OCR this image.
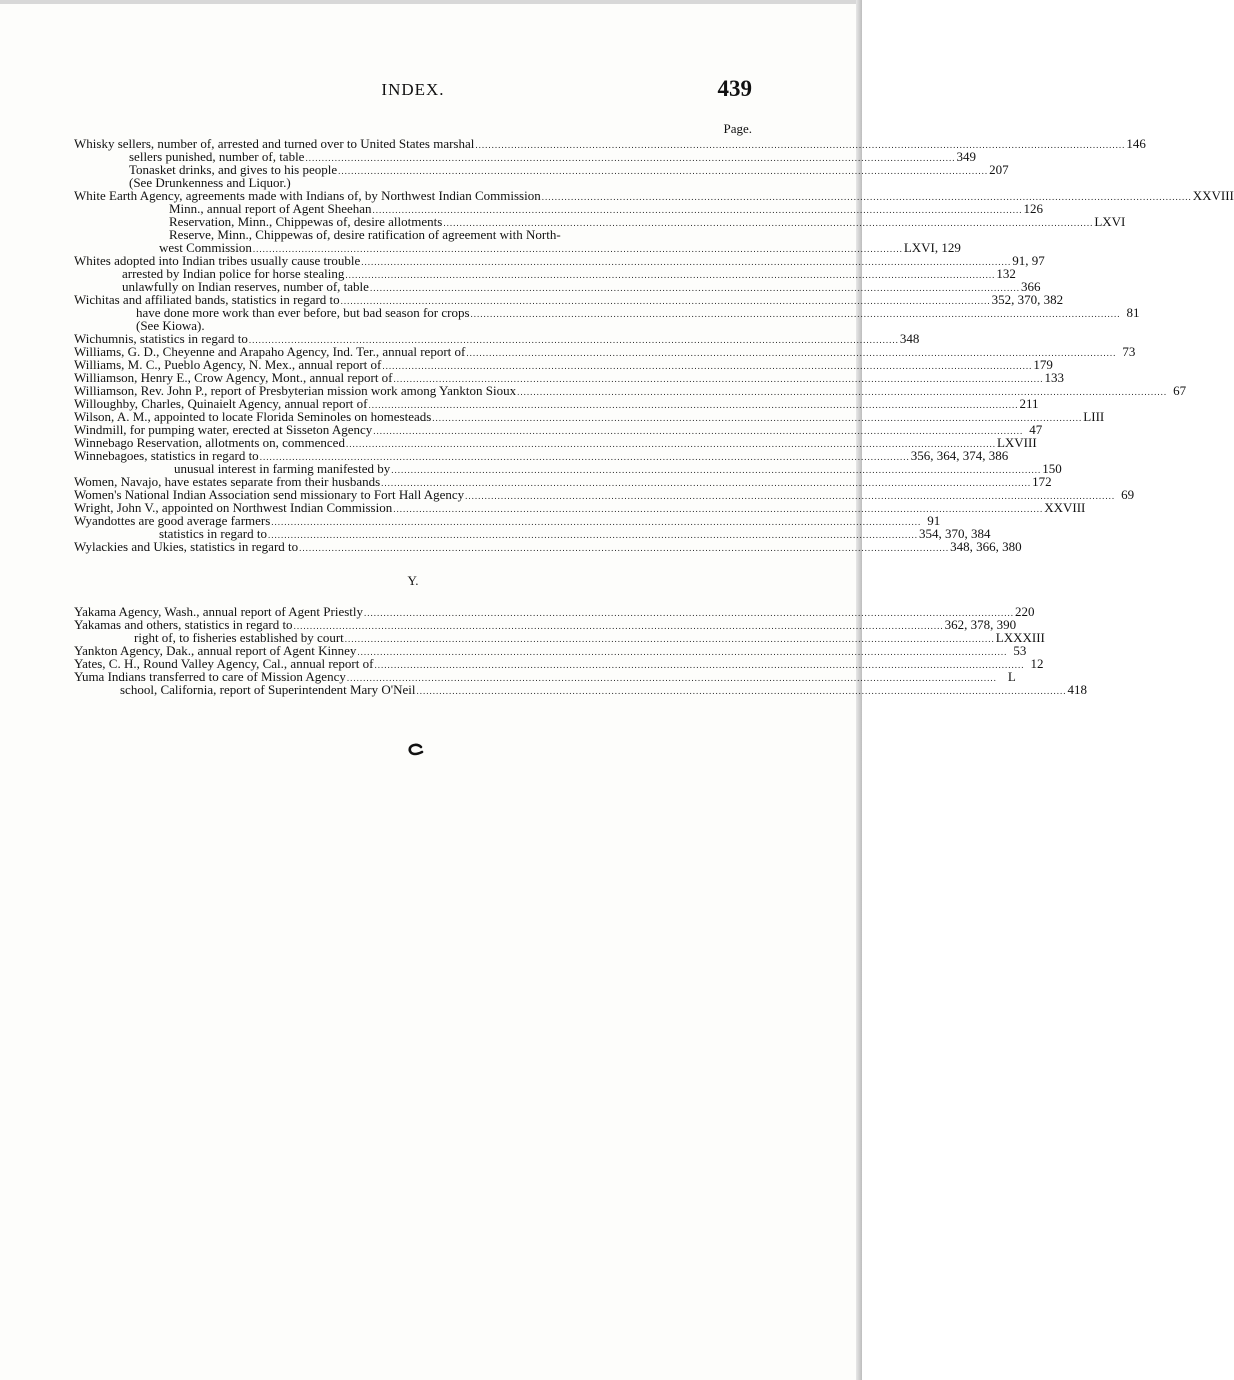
INDEX.	439
Page.
Whisky sellers, number of, arrested and turned over to United States marshal ........................................................................................................................................................................................................ 146
sellers punished, number of, table ........................................................................................................................................................................................................ 349
Tonasket drinks, and gives to his people ........................................................................................................................................................................................................ 207
(See Drunkenness and Liquor.)
White Earth Agency, agreements made with Indians of, by Northwest Indian Commission ........................................................................................................................................................................................................ XXVIII
Minn., annual report of Agent Sheehan ........................................................................................................................................................................................................ 126
Reservation, Minn., Chippewas of, desire allotments ........................................................................................................................................................................................................ LXVI
Reserve, Minn., Chippewas of, desire ratification of agreement with North-
west Commission ........................................................................................................................................................................................................ LXVI, 129
Whites adopted into Indian tribes usually cause trouble ........................................................................................................................................................................................................ 91, 97
arrested by Indian police for horse stealing ........................................................................................................................................................................................................ 132
unlawfully on Indian reserves, number of, table ........................................................................................................................................................................................................ 366
Wichitas and affiliated bands, statistics in regard to ........................................................................................................................................................................................................ 352, 370, 382
have done more work than ever before, but bad season for crops ........................................................................................................................................................................................................ 81
(See Kiowa).
Wichumnis, statistics in regard to ........................................................................................................................................................................................................ 348
Williams, G. D., Cheyenne and Arapaho Agency, Ind. Ter., annual report of ........................................................................................................................................................................................................ 73
Williams, M. C., Pueblo Agency, N. Mex., annual report of ........................................................................................................................................................................................................ 179
Williamson, Henry E., Crow Agency, Mont., annual report of ........................................................................................................................................................................................................ 133
Williamson, Rev. John P., report of Presbyterian mission work among Yankton Sioux ........................................................................................................................................................................................................ 67
Willoughby, Charles, Quinaielt Agency, annual report of ........................................................................................................................................................................................................ 211
Wilson, A. M., appointed to locate Florida Seminoles on homesteads ........................................................................................................................................................................................................ LIII
Windmill, for pumping water, erected at Sisseton Agency ........................................................................................................................................................................................................ 47
Winnebago Reservation, allotments on, commenced ........................................................................................................................................................................................................ LXVIII
Winnebagoes, statistics in regard to ........................................................................................................................................................................................................ 356, 364, 374, 386
unusual interest in farming manifested by ........................................................................................................................................................................................................ 150
Women, Navajo, have estates separate from their husbands ........................................................................................................................................................................................................ 172
Women's National Indian Association send missionary to Fort Hall Agency ........................................................................................................................................................................................................ 69
Wright, John V., appointed on Northwest Indian Commission ........................................................................................................................................................................................................ XXVIII
Wyandottes are good average farmers ........................................................................................................................................................................................................ 91
statistics in regard to ........................................................................................................................................................................................................ 354, 370, 384
Wylackies and Ukies, statistics in regard to ........................................................................................................................................................................................................ 348, 366, 380
Y.
Yakama Agency, Wash., annual report of Agent Priestly ........................................................................................................................................................................................................ 220
Yakamas and others, statistics in regard to ........................................................................................................................................................................................................ 362, 378, 390
right of, to fisheries established by court ........................................................................................................................................................................................................ LXXXIII
Yankton Agency, Dak., annual report of Agent Kinney ........................................................................................................................................................................................................ 53
Yates, C. H., Round Valley Agency, Cal., annual report of ........................................................................................................................................................................................................ 12
Yuma Indians transferred to care of Mission Agency ........................................................................................................................................................................................................ L
school, California, report of Superintendent Mary O'Neil ........................................................................................................................................................................................................ 418
